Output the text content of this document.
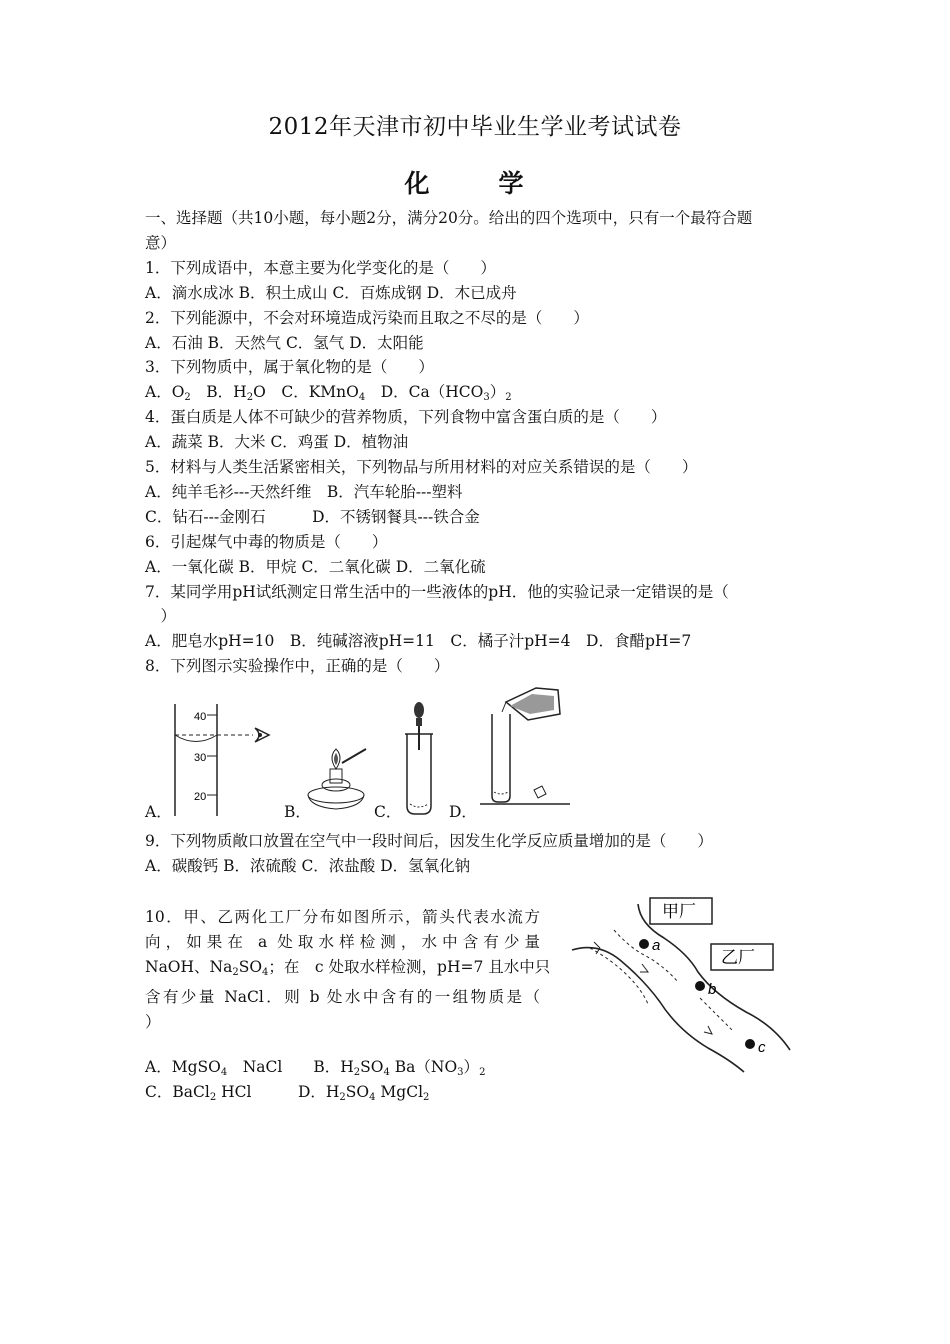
2012年天津市初中毕业生学业考试试卷
化　学
一、选择题（共10小题，每小题2分，满分20分。给出的四个选项中，只有一个最符合题
意）
1．下列成语中，本意主要为化学变化的是（　　）
A．滴水成冰 B．积土成山 C．百炼成钢 D．木已成舟
2．下列能源中，不会对环境造成污染而且取之不尽的是（　　）
A．石油 B．天然气 C．氢气 D．太阳能
3．下列物质中，属于氧化物的是（　　）
A．$O_2$　 B．$H_2O$　 C．KMnO$_4$　 D．$Ca(HCO_3)_2$
4．蛋白质是人体不可缺少的营养物质，下列食物中富含蛋白质的是（　　）
A．蔬菜 B．大米 C．鸡蛋 D．植物油
5．材料与人类生活紧密相关，下列物品与所用材料的对应关系错误的是（　　）
A．纯羊毛衫---天然纤维　B．汽车轮胎---塑料
C．钻石---金刚石　　　D．不锈钢餐具---铁合金
6．引起煤气中毒的物质是（　　）
A．一氧化碳 B．甲烷 C．二氧化碳 D．二氧化硫
7．某同学用pH试纸测定日常生活中的一些液体的pH．他的实验记录一定错误的是（
　）
A．肥皂水pH=10　B．纯碱溶液pH=11　C．橘子汁pH=4　D．食醋pH=7
8．下列图示实验操作中，正确的是（　　）
A．	B．	C．	D．
40
30
20
9．下列物质敞口放置在空气中一段时间后，因发生化学反应质量增加的是（　　）
A．碳酸钙 B．浓硫酸 C．浓盐酸 D．氢氧化钠
10．甲、乙两化工厂分布如图所示，箭头代表水流方
向，如果在 a 处取水样检测，水中含有少量
NaOH、$Na_2SO_4$；在　c 处取水样检测，pH=7 且水中只
含有少量 NaCl．则 b 处水中含有的一组物质是（
）
甲厂
乙厂
a
b
c
A．MgSO$_4$　NaCl　　 B．$H_2SO_4$ $Ba(NO_3)_2$
C．BaCl$_2$ HCl　　　	D．$H_2SO_4$ MgCl$_2$
